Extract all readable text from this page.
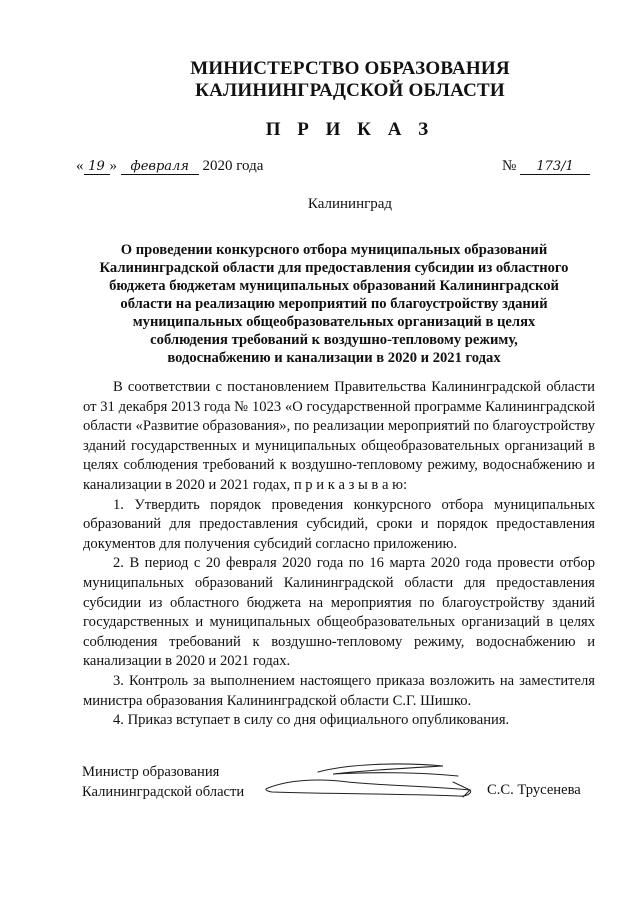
МИНИСТЕРСТВО ОБРАЗОВАНИЯ
КАЛИНИНГРАДСКОЙ ОБЛАСТИ
П Р И К А З
« 19 » февраля 2020 года	№ 173/1
Калининград
О проведении конкурсного отбора муниципальных образований
Калининградской области для предоставления субсидии из областного
бюджета бюджетам муниципальных образований Калининградской
области на реализацию мероприятий по благоустройству зданий
муниципальных общеобразовательных организаций в целях
соблюдения требований к воздушно-тепловому режиму,
водоснабжению и канализации в 2020 и 2021 годах

В соответствии с постановлением Правительства Калининградской области от 31 декабря 2013 года № 1023 «О государственной программе Калининградской области «Развитие образования», по реализации мероприятий по благоустройству зданий государственных и муниципальных общеобразовательных организаций в целях соблюдения требований к воздушно-тепловому режиму, водоснабжению и канализации в 2020 и 2021 годах, п р и к а з ы в а ю:

1. Утвердить порядок проведения конкурсного отбора муниципальных образований для предоставления субсидий, сроки и порядок предоставления документов для получения субсидий согласно приложению.

2. В период с 20 февраля 2020 года по 16 марта 2020 года провести отбор муниципальных образований Калининградской области для предоставления субсидии из областного бюджета на мероприятия по благоустройству зданий государственных и муниципальных общеобразовательных организаций в целях соблюдения требований к воздушно-тепловому режиму, водоснабжению и канализации в 2020 и 2021 годах.

3. Контроль за выполнением настоящего приказа возложить на заместителя министра образования Калининградской области С.Г. Шишко.

4. Приказ вступает в силу со дня официального опубликования.

Министр образования
Калининградской области	С.С. Трусенева
